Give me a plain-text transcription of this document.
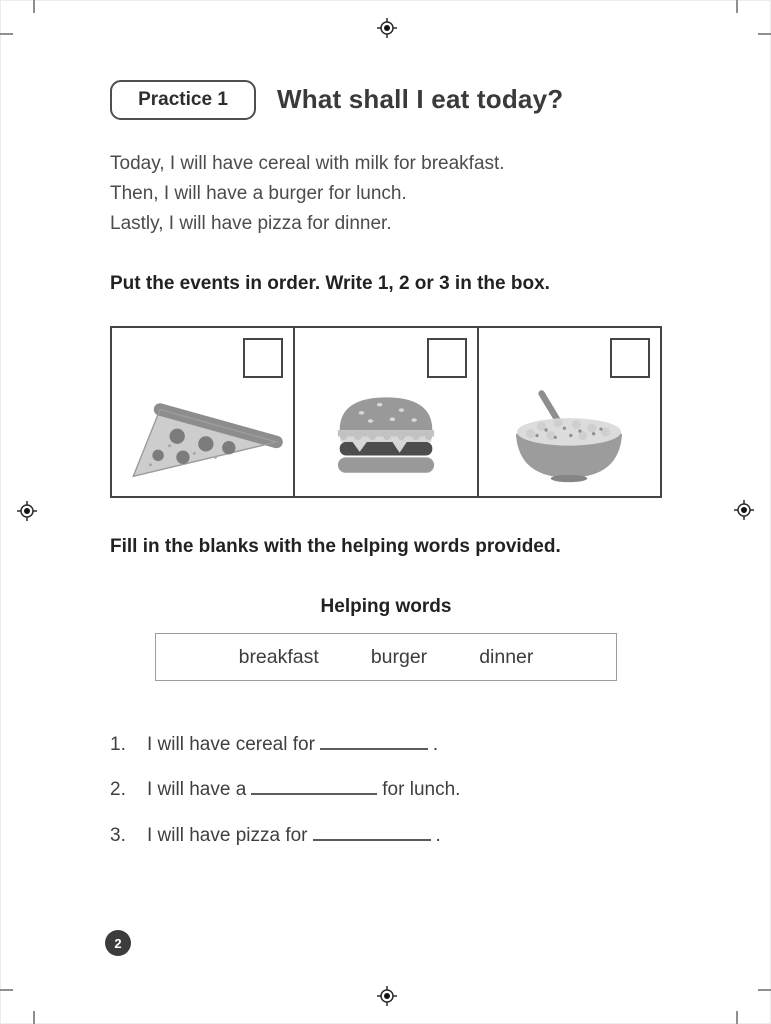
Practice 1 What shall I eat today?
Today, I will have cereal with milk for breakfast.
Then, I will have a burger for lunch.
Lastly, I will have pizza for dinner.
Put the events in order. Write 1, 2 or 3 in the box.
Fill in the blanks with the helping words provided.
Helping words
breakfast	burger	dinner
1.	I will have cereal for	.
2.	I will have a	for lunch.
3.	I will have pizza for	.
2
